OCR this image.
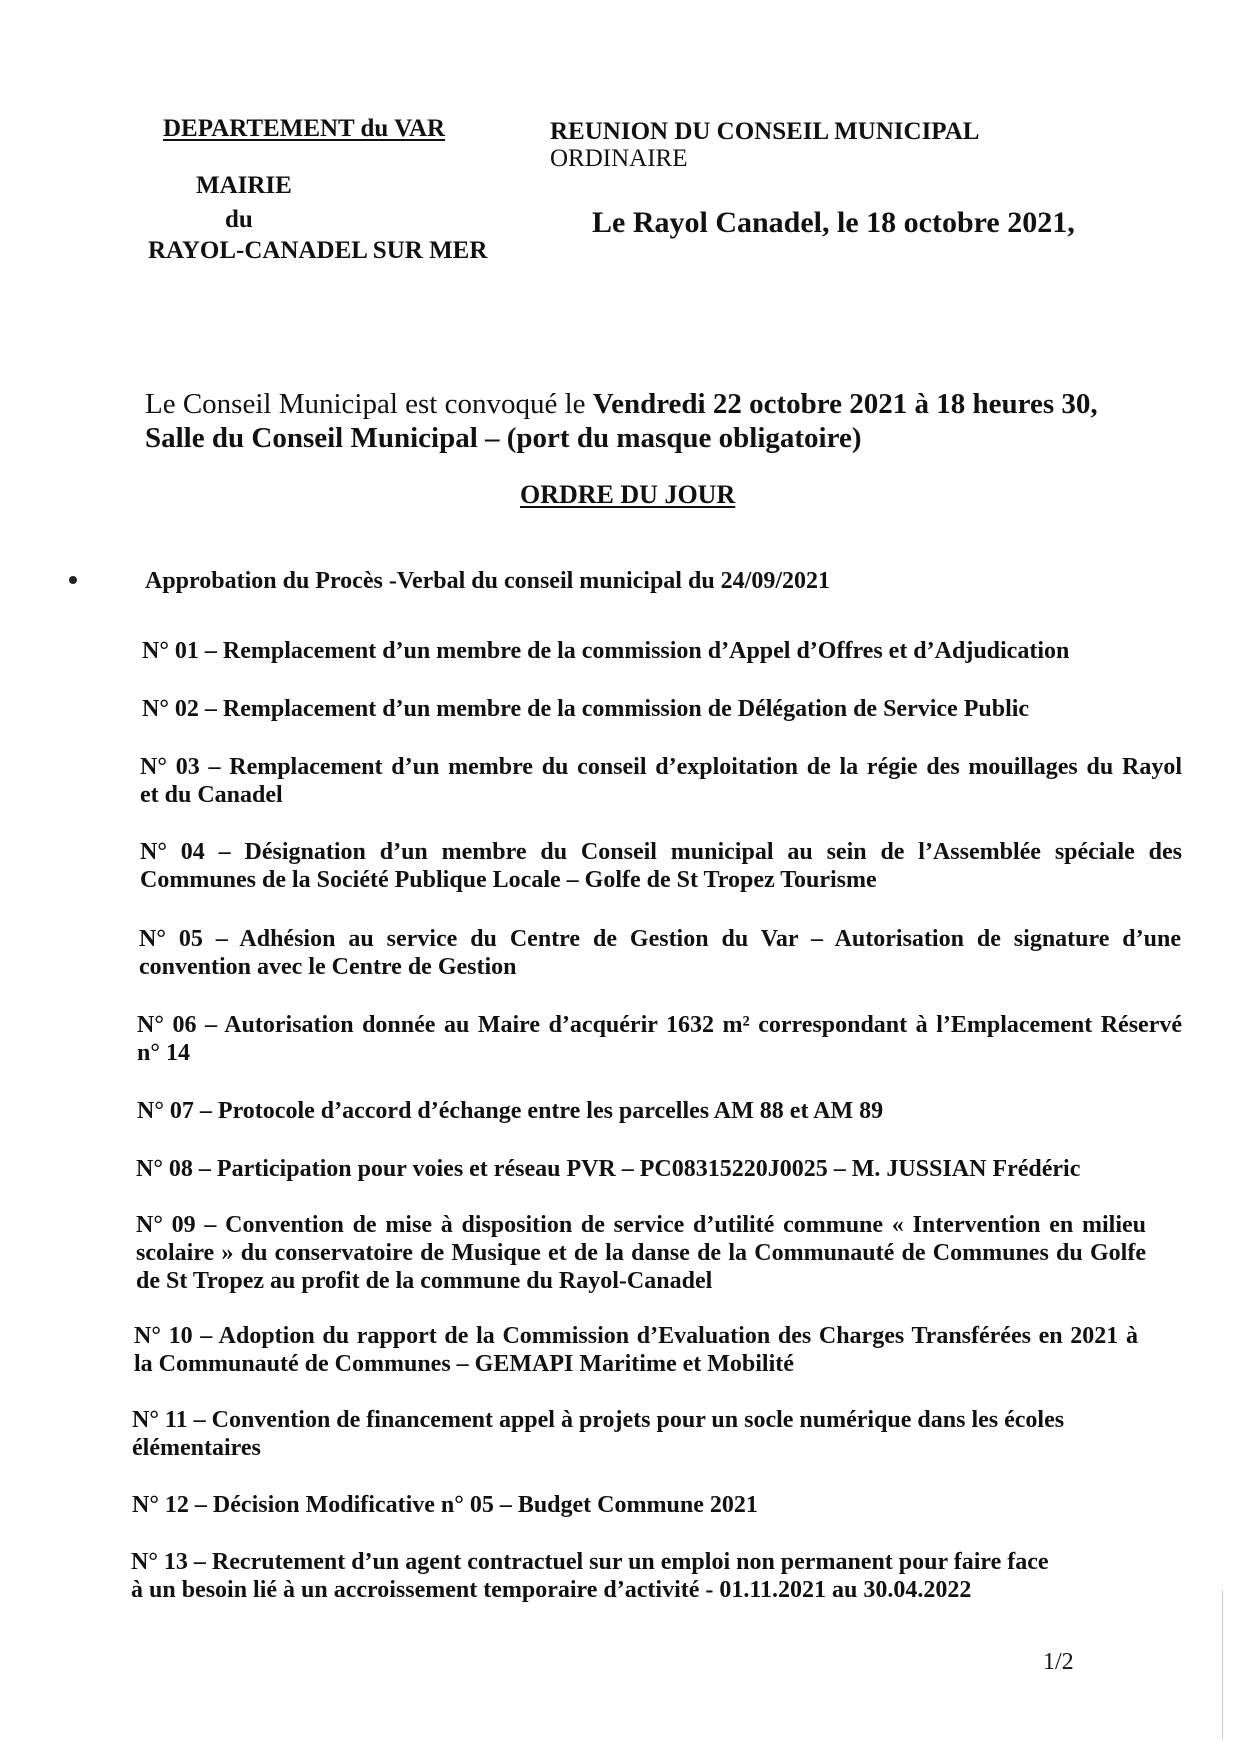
DEPARTEMENT du VAR
MAIRIE
du
RAYOL-CANADEL SUR MER
REUNION DU CONSEIL MUNICIPAL
ORDINAIRE
Le Rayol Canadel, le 18 octobre 2021,
Le Conseil Municipal est convoqué le Vendredi 22 octobre 2021 à 18 heures 30,
Salle du Conseil Municipal – (port du masque obligatoire)
ORDRE DU JOUR
Approbation du Procès -Verbal du conseil municipal du 24/09/2021
N° 01 – Remplacement d’un membre de la commission d’Appel d’Offres et d’Adjudication
N° 02 – Remplacement d’un membre de la commission de Délégation de Service Public
N° 03 – Remplacement d’un membre du conseil d’exploitation de la régie des mouillages du Rayol
et du Canadel
N° 04 – Désignation d’un membre du Conseil municipal au sein de l’Assemblée spéciale des
Communes de la Société Publique Locale – Golfe de St Tropez Tourisme
N° 05 – Adhésion au service du Centre de Gestion du Var – Autorisation de signature d’une
convention avec le Centre de Gestion
N° 06 – Autorisation donnée au Maire d’acquérir 1632 m² correspondant à l’Emplacement Réservé
n° 14
N° 07 – Protocole d’accord d’échange entre les parcelles AM 88 et AM 89
N° 08 – Participation pour voies et réseau PVR – PC08315220J0025 – M. JUSSIAN Frédéric
N° 09 – Convention de mise à disposition de service d’utilité commune « Intervention en milieu
scolaire » du conservatoire de Musique et de la danse de la Communauté de Communes du Golfe
de St Tropez au profit de la commune du Rayol-Canadel
N° 10 – Adoption du rapport de la Commission d’Evaluation des Charges Transférées en 2021 à
la Communauté de Communes – GEMAPI Maritime et Mobilité
N° 11 – Convention de financement appel à projets pour un socle numérique dans les écoles
élémentaires
N° 12 – Décision Modificative n° 05 – Budget Commune 2021
N° 13 – Recrutement d’un agent contractuel sur un emploi non permanent pour faire face
à un besoin lié à un accroissement temporaire d’activité - 01.11.2021 au 30.04.2022
1/2
